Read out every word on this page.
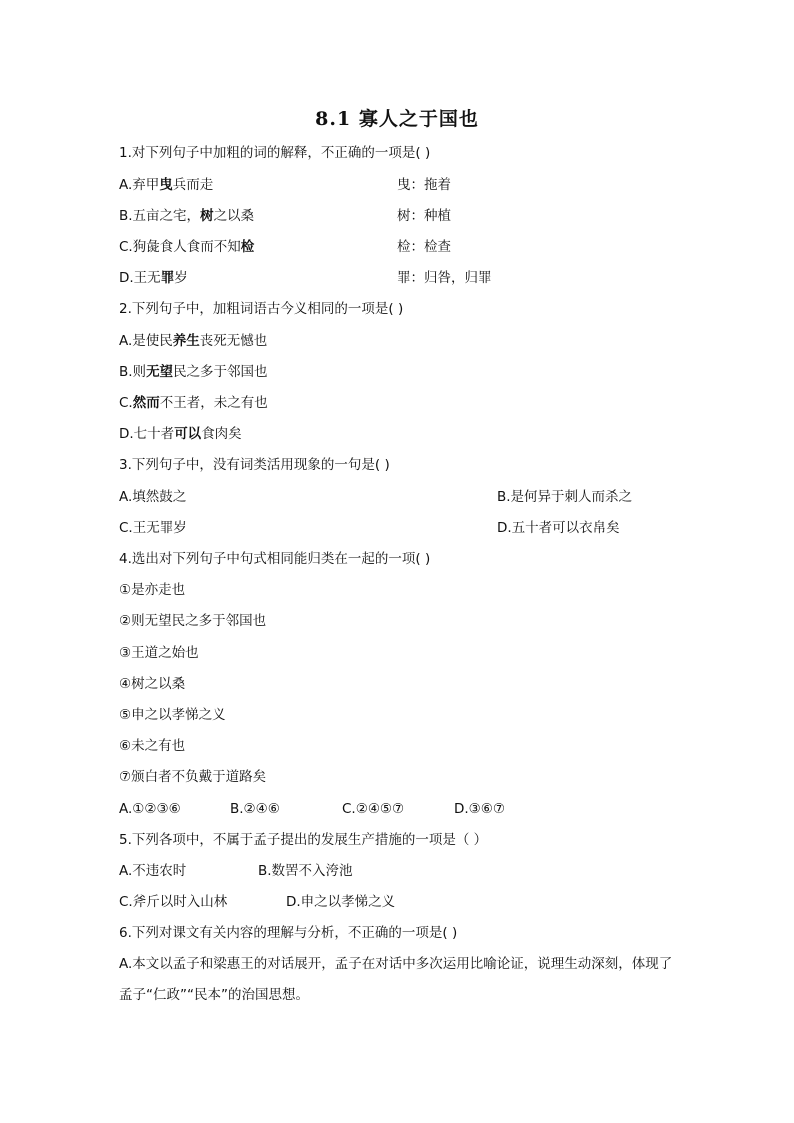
8.1 寡人之于国也
1.对下列句子中加粗的词的解释，不正确的一项是( )
A.弃甲曳兵而走	曳：拖着
B.五亩之宅，树之以桑	树：种植
C.狗彘食人食而不知检	检：检查
D.王无罪岁	罪：归咎，归罪
2.下列句子中，加粗词语古今义相同的一项是( )
A.是使民养生丧死无憾也
B.则无望民之多于邻国也
C.然而不王者，未之有也
D.七十者可以食肉矣
3.下列句子中，没有词类活用现象的一句是( )
A.填然鼓之	B.是何异于刺人而杀之
C.王无罪岁	D.五十者可以衣帛矣
4.选出对下列句子中句式相同能归类在一起的一项( )
①是亦走也
②则无望民之多于邻国也
③王道之始也
④树之以桑
⑤申之以孝悌之义
⑥未之有也
⑦颁白者不负戴于道路矣
A.①②③⑥	B.②④⑥	C.②④⑤⑦	D.③⑥⑦
5.下列各项中，不属于孟子提出的发展生产措施的一项是（ ）
A.不违农时	B.数罟不入洿池
C.斧斤以时入山林	D.申之以孝悌之义
6.下列对课文有关内容的理解与分析，不正确的一项是( )
A.本文以孟子和梁惠王的对话展开，孟子在对话中多次运用比喻论证，说理生动深刻，体现了孟子“仁政”“民本”的治国思想。
